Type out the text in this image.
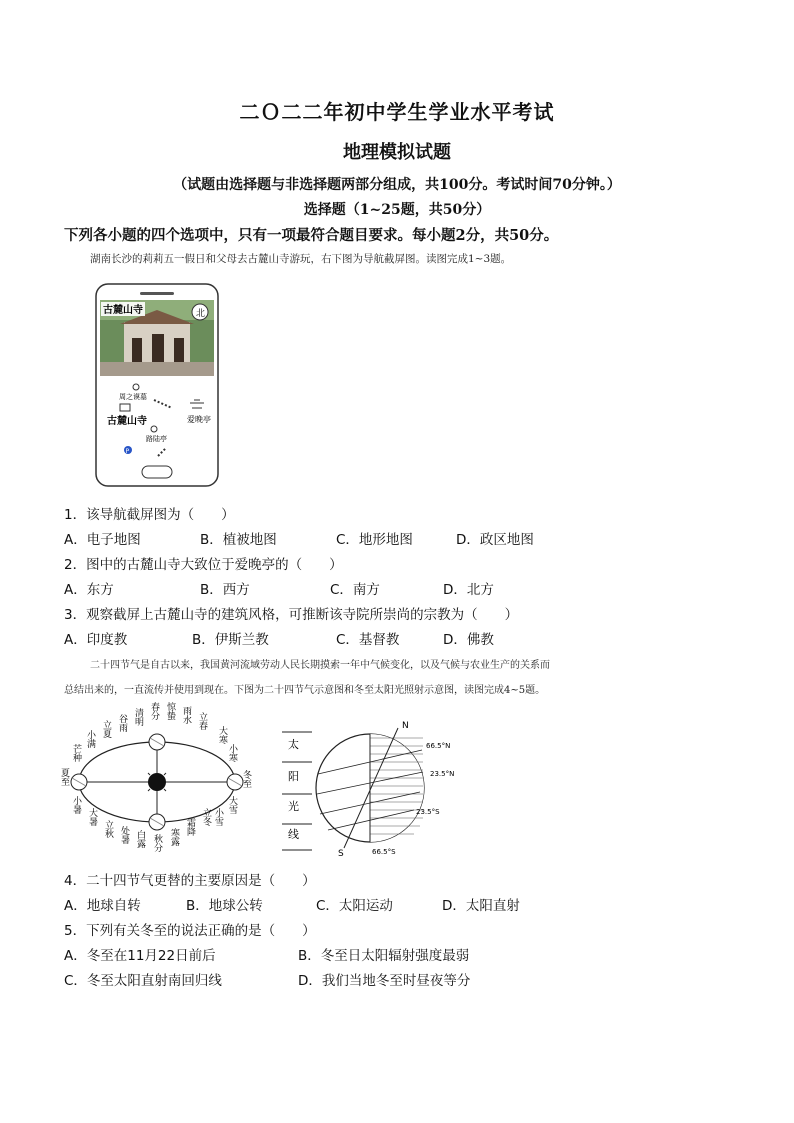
二Ｏ二二年初中学生学业水平考试
地理模拟试题
（试题由选择题与非选择题两部分组成，共100分。考试时间70分钟。）
选择题（1~25题，共50分）
下列各小题的四个选项中，只有一项最符合题目要求。每小题2分，共50分。
湖南长沙的莉莉五一假日和父母去古麓山寺游玩，右下图为导航截屏图。读图完成1~3题。
古麓山寺	北
周之谟墓
古麓山寺	爱晚亭
路陆亭
P
1．该导航截屏图为（　　）
A．电子地图	B．植被地图	C．地形地图	D．政区地图
2．图中的古麓山寺大致位于爱晚亭的（　　）
A．东方	B．西方	C．南方	D．北方
3．观察截屏上古麓山寺的建筑风格，可推断该寺院所崇尚的宗教为（　　）
A．印度教	B．伊斯兰教	C．基督教	D．佛教
二十四节气是自古以来，我国黄河流域劳动人民长期摸索一年中气候变化，以及气候与农业生产的关系而
总结出来的，一直流传并使用到现在。下图为二十四节气示意图和冬至太阳光照射示意图，读图完成4~5题。
谷雨 清明 春分 惊蛰 雨水 立春
立夏
小满
芒种
夏至
小暑
大暑
大寒
小寒
冬至
大雪
小雪
立秋 处暑 白露 秋分 寒露
霜降
立冬
太
阳
光
线
N
S
66.5°N
23.5°N
23.5°S
66.5°S
4．二十四节气更替的主要原因是（　　）
A．地球自转	B．地球公转	C．太阳运动	D．太阳直射
5．下列有关冬至的说法正确的是（　　）
A．冬至在11月22日前后	B．冬至日太阳辐射强度最弱
C．冬至太阳直射南回归线	D．我们当地冬至时昼夜等分
